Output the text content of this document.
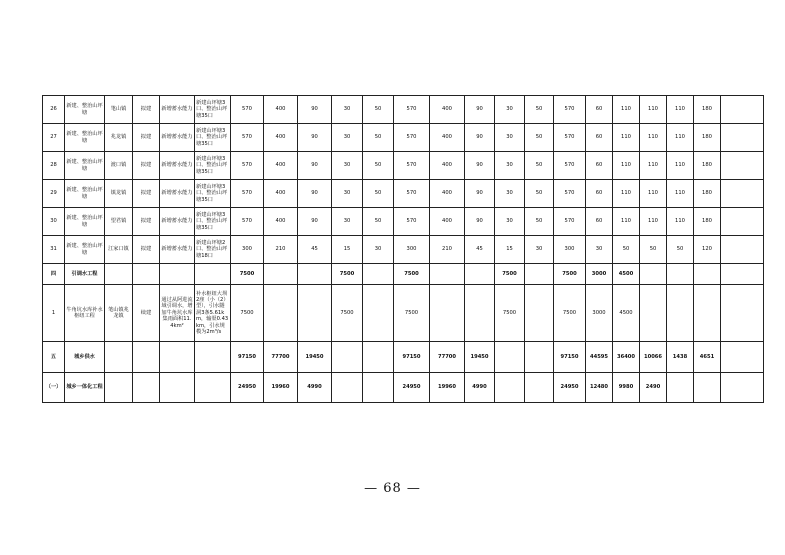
26	新建、整治山坪塘	笔山镇	拟建	新增蓄水能力	新建山坪塘3口、整治山坪塘35口	570	400	90	30	50	570	400	90	30	50	570	60	110	110	110	180	
27	新建、整治山坪塘	兆龙镇	拟建	新增蓄水能力	新建山坪塘3口、整治山坪塘35口	570	400	90	30	50	570	400	90	30	50	570	60	110	110	110	180	
28	新建、整治山坪塘	渡口镇	拟建	新增蓄水能力	新建山坪塘3口、整治山坪塘35口	570	400	90	30	50	570	400	90	30	50	570	60	110	110	110	180	
29	新建、整治山坪塘	镇龙镇	拟建	新增蓄水能力	新建山坪塘3口、整治山坪塘35口	570	400	90	30	50	570	400	90	30	50	570	60	110	110	110	180	
30	新建、整治山坪塘	望君镇	拟建	新增蓄水能力	新建山坪塘3口、整治山坪塘35口	570	400	90	30	50	570	400	90	30	50	570	60	110	110	110	180	
31	新建、整治山坪塘	江家口镇	拟建	新增蓄水能力	新建山坪塘2口、整治山坪塘18口	300	210	45	15	30	300	210	45	15	30	300	30	50	50	50	120	
四	引调水工程					7500			7500		7500			7500		7500	3000	4500				
1	牛角坑水库补水枢纽工程	笔山镇兆龙镇	续建	通过从阿进流域引调水，增加牛角坑水库集雨面积11.4km²	补水枢纽大坝2座（小（2）型），引水隧洞3条5.61km，输渠0.43km，引水规模为2m³/s	7500			7500		7500			7500		7500	3000	4500				
五	城乡供水					97150	77700	19450			97150	77700	19450			97150	44595	36400	10066	1438	4651	
（一）	城乡一体化工程					24950	19960	4990			24950	19960	4990			24950	12480	9980	2490			
— 68 —
